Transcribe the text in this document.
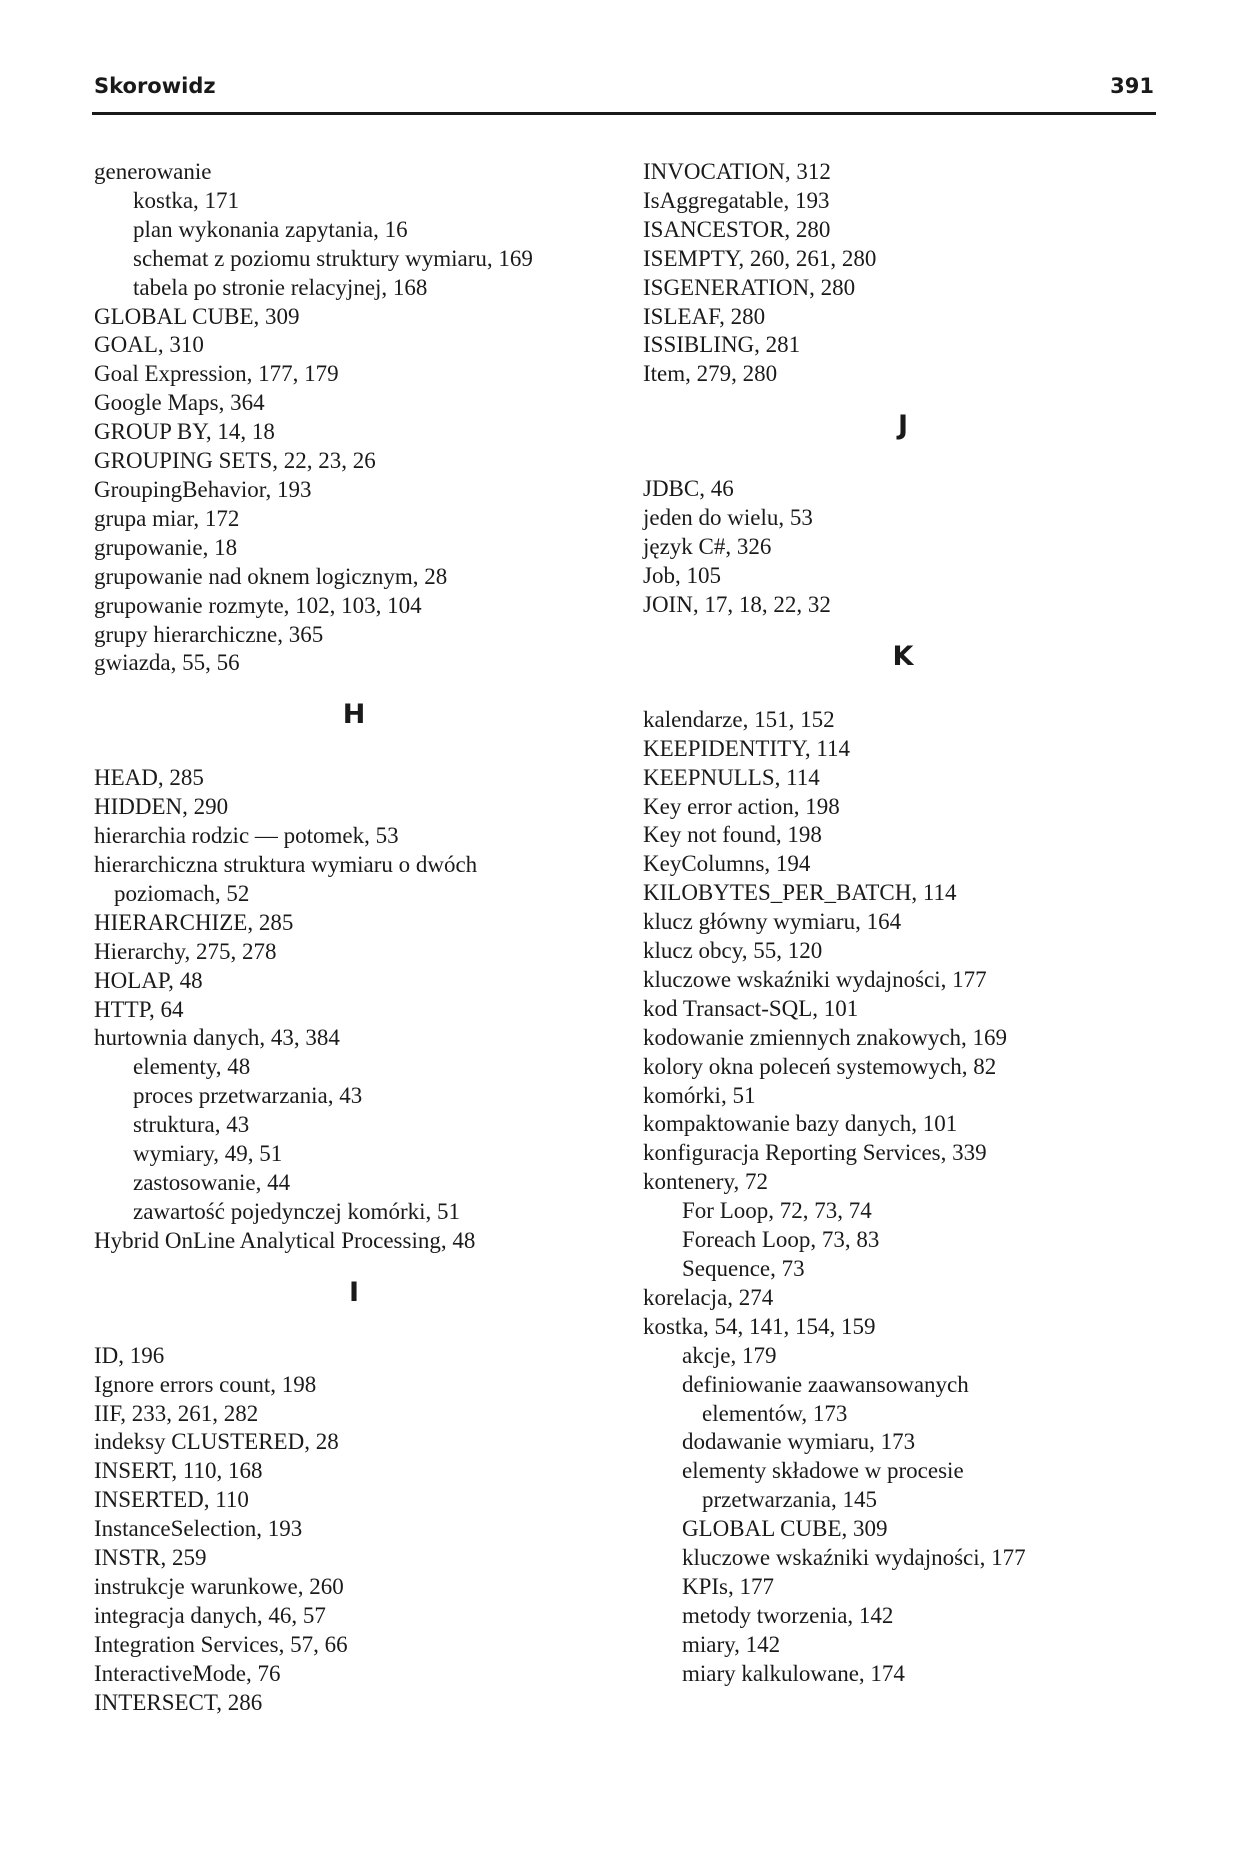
Skorowidz	391
generowanie
kostka, 171
plan wykonania zapytania, 16
schemat z poziomu struktury wymiaru, 169
tabela po stronie relacyjnej, 168
GLOBAL CUBE, 309
GOAL, 310
Goal Expression, 177, 179
Google Maps, 364
GROUP BY, 14, 18
GROUPING SETS, 22, 23, 26
GroupingBehavior, 193
grupa miar, 172
grupowanie, 18
grupowanie nad oknem logicznym, 28
grupowanie rozmyte, 102, 103, 104
grupy hierarchiczne, 365
gwiazda, 55, 56
H
HEAD, 285
HIDDEN, 290
hierarchia rodzic — potomek, 53
hierarchiczna struktura wymiaru o dwóch
poziomach, 52
HIERARCHIZE, 285
Hierarchy, 275, 278
HOLAP, 48
HTTP, 64
hurtownia danych, 43, 384
elementy, 48
proces przetwarzania, 43
struktura, 43
wymiary, 49, 51
zastosowanie, 44
zawartość pojedynczej komórki, 51
Hybrid OnLine Analytical Processing, 48
I
ID, 196
Ignore errors count, 198
IIF, 233, 261, 282
indeksy CLUSTERED, 28
INSERT, 110, 168
INSERTED, 110
InstanceSelection, 193
INSTR, 259
instrukcje warunkowe, 260
integracja danych, 46, 57
Integration Services, 57, 66
InteractiveMode, 76
INTERSECT, 286
INVOCATION, 312
IsAggregatable, 193
ISANCESTOR, 280
ISEMPTY, 260, 261, 280
ISGENERATION, 280
ISLEAF, 280
ISSIBLING, 281
Item, 279, 280
J
JDBC, 46
jeden do wielu, 53
język C#, 326
Job, 105
JOIN, 17, 18, 22, 32
K
kalendarze, 151, 152
KEEPIDENTITY, 114
KEEPNULLS, 114
Key error action, 198
Key not found, 198
KeyColumns, 194
KILOBYTES_PER_BATCH, 114
klucz główny wymiaru, 164
klucz obcy, 55, 120
kluczowe wskaźniki wydajności, 177
kod Transact-SQL, 101
kodowanie zmiennych znakowych, 169
kolory okna poleceń systemowych, 82
komórki, 51
kompaktowanie bazy danych, 101
konfiguracja Reporting Services, 339
kontenery, 72
For Loop, 72, 73, 74
Foreach Loop, 73, 83
Sequence, 73
korelacja, 274
kostka, 54, 141, 154, 159
akcje, 179
definiowanie zaawansowanych
elementów, 173
dodawanie wymiaru, 173
elementy składowe w procesie
przetwarzania, 145
GLOBAL CUBE, 309
kluczowe wskaźniki wydajności, 177
KPIs, 177
metody tworzenia, 142
miary, 142
miary kalkulowane, 174
